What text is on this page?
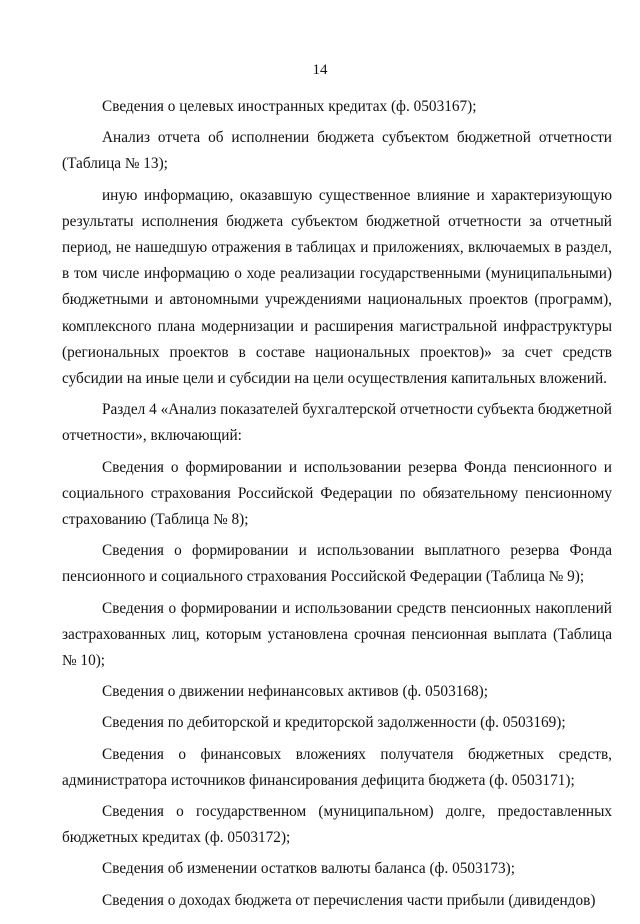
14

Сведения о целевых иностранных кредитах (ф. 0503167);

Анализ отчета об исполнении бюджета субъектом бюджетной отчетности (Таблица № 13);

иную информацию, оказавшую существенное влияние и характеризующую результаты исполнения бюджета субъектом бюджетной отчетности за отчетный период, не нашедшую отражения в таблицах и приложениях, включаемых в раздел, в том числе информацию о ходе реализации государственными (муниципальными) бюджетными и автономными учреждениями национальных проектов (программ), комплексного плана модернизации и расширения магистральной инфраструктуры (региональных проектов в составе национальных проектов)» за счет средств субсидии на иные цели и субсидии на цели осуществления капитальных вложений.

Раздел 4 «Анализ показателей бухгалтерской отчетности субъекта бюджетной отчетности», включающий:

Сведения о формировании и использовании резерва Фонда пенсионного и социального страхования Российской Федерации по обязательному пенсионному страхованию (Таблица № 8);

Сведения о формировании и использовании выплатного резерва Фонда пенсионного и социального страхования Российской Федерации (Таблица № 9);

Сведения о формировании и использовании средств пенсионных накоплений застрахованных лиц, которым установлена срочная пенсионная выплата (Таблица № 10);

Сведения о движении нефинансовых активов (ф. 0503168);

Сведения по дебиторской и кредиторской задолженности (ф. 0503169);

Сведения о финансовых вложениях получателя бюджетных средств, администратора источников финансирования дефицита бюджета (ф. 0503171);

Сведения о государственном (муниципальном) долге, предоставленных бюджетных кредитах (ф. 0503172);

Сведения об изменении остатков валюты баланса (ф. 0503173);

Сведения о доходах бюджета от перечисления части прибыли (дивидендов)
